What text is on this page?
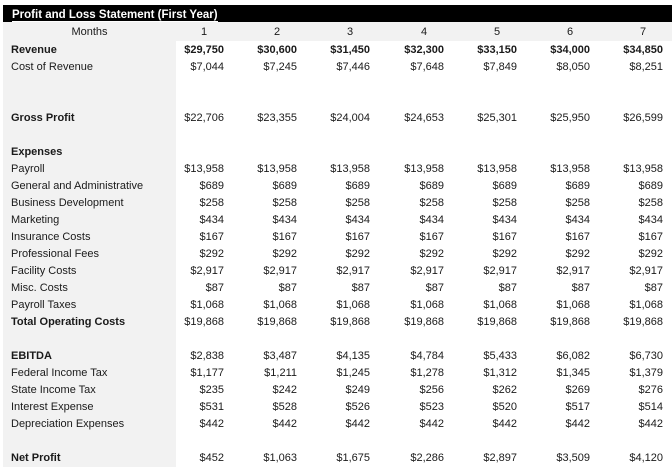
Profit and Loss Statement (First Year)
Months	1	2	3	4	5	6	7
Revenue	$29,750	$30,600	$31,450	$32,300	$33,150	$34,000	$34,850
Cost of Revenue	$7,044	$7,245	$7,446	$7,648	$7,849	$8,050	$8,251
Gross Profit	$22,706	$23,355	$24,004	$24,653	$25,301	$25,950	$26,599
Expenses
Payroll	$13,958	$13,958	$13,958	$13,958	$13,958	$13,958	$13,958
General and Administrative	$689	$689	$689	$689	$689	$689	$689
Business Development	$258	$258	$258	$258	$258	$258	$258
Marketing	$434	$434	$434	$434	$434	$434	$434
Insurance Costs	$167	$167	$167	$167	$167	$167	$167
Professional Fees	$292	$292	$292	$292	$292	$292	$292
Facility Costs	$2,917	$2,917	$2,917	$2,917	$2,917	$2,917	$2,917
Misc. Costs	$87	$87	$87	$87	$87	$87	$87
Payroll Taxes	$1,068	$1,068	$1,068	$1,068	$1,068	$1,068	$1,068
Total Operating Costs	$19,868	$19,868	$19,868	$19,868	$19,868	$19,868	$19,868
EBITDA	$2,838	$3,487	$4,135	$4,784	$5,433	$6,082	$6,730
Federal Income Tax	$1,177	$1,211	$1,245	$1,278	$1,312	$1,345	$1,379
State Income Tax	$235	$242	$249	$256	$262	$269	$276
Interest Expense	$531	$528	$526	$523	$520	$517	$514
Depreciation Expenses	$442	$442	$442	$442	$442	$442	$442
Net Profit	$452	$1,063	$1,675	$2,286	$2,897	$3,509	$4,120
